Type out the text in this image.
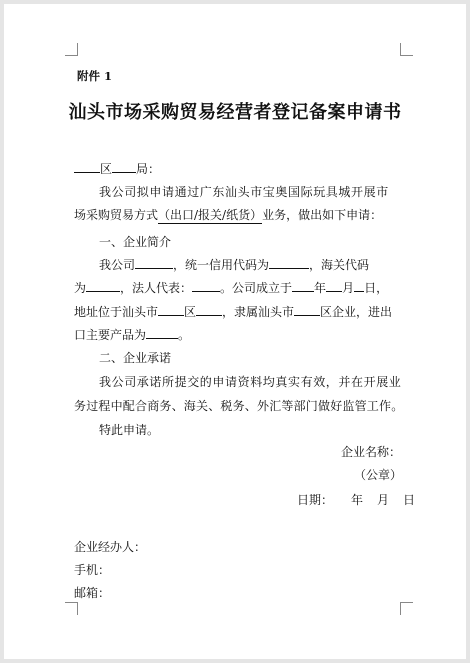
附件 1
汕头市场采购贸易经营者登记备案申请书
区 局：
我公司拟申请通过广东汕头市宝奥国际玩具城开展市
场采购贸易方式（出口/报关/纸货）业务，做出如下申请：
一、企业简介
我公司	，统一信用代码为	，海关代码
为	，法人代表： 。公司成立于 年 月 日，
地址位于汕头市 区 ，隶属汕头市 区企业，进出
口主要产品为	。
二、企业承诺
我公司承诺所提交的申请资料均真实有效，并在开展业
务过程中配合商务、海关、税务、外汇等部门做好监管工作。
特此申请。
企业名称：
（公章）
日期： 年 月 日
企业经办人：
手机：
邮箱：
